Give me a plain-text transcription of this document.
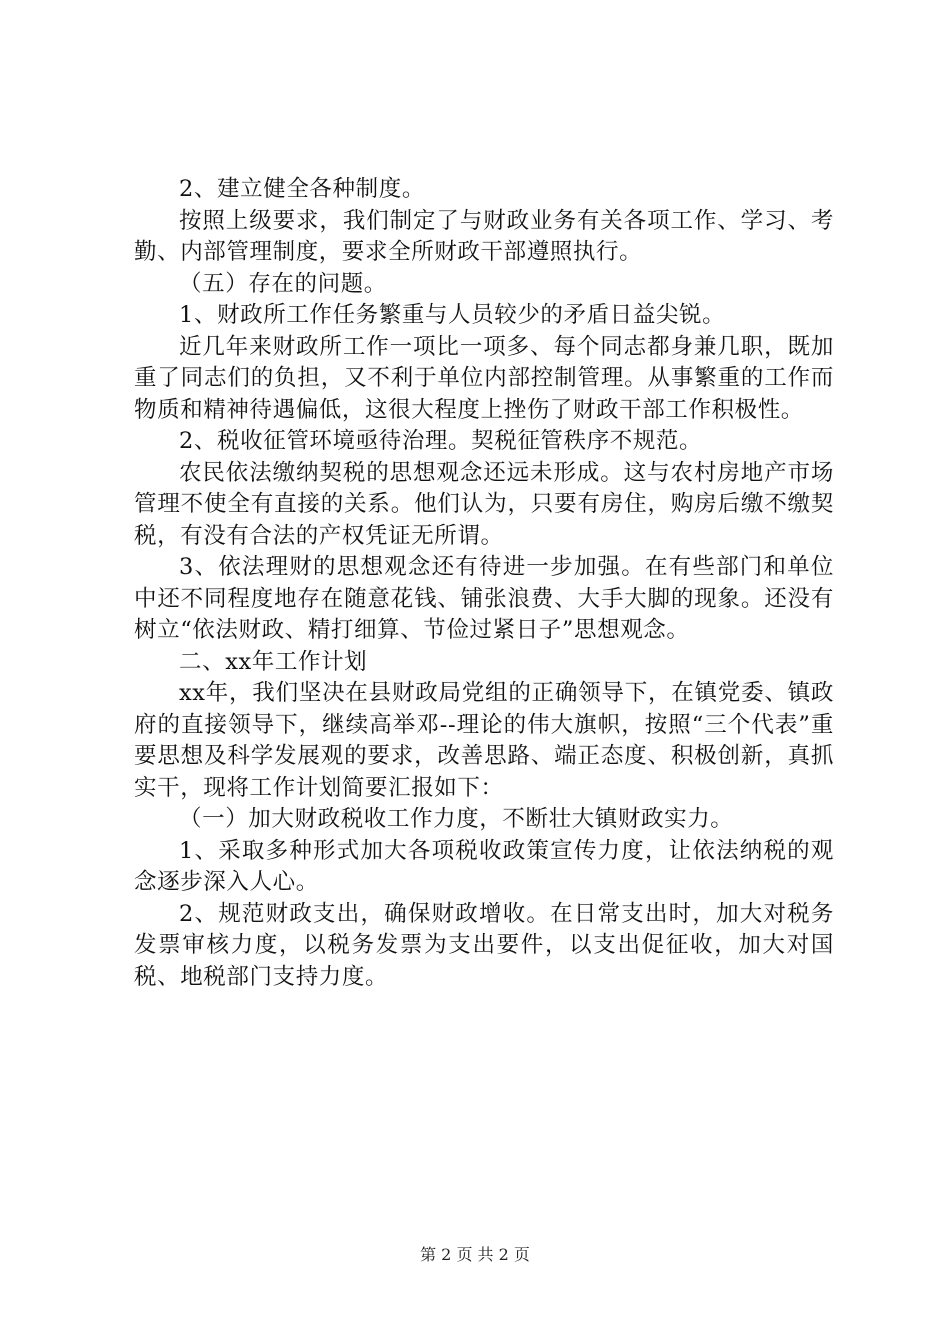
2、建立健全各种制度。

按照上级要求，我们制定了与财政业务有关各项工作、学习、考勤、内部管理制度，要求全所财政干部遵照执行。

（五）存在的问题。

1、财政所工作任务繁重与人员较少的矛盾日益尖锐。

近几年来财政所工作一项比一项多、每个同志都身兼几职，既加重了同志们的负担，又不利于单位内部控制管理。从事繁重的工作而物质和精神待遇偏低，这很大程度上挫伤了财政干部工作积极性。

2、税收征管环境亟待治理。契税征管秩序不规范。

农民依法缴纳契税的思想观念还远未形成。这与农村房地产市场管理不使全有直接的关系。他们认为，只要有房住，购房后缴不缴契税，有没有合法的产权凭证无所谓。

3、依法理财的思想观念还有待进一步加强。在有些部门和单位中还不同程度地存在随意花钱、铺张浪费、大手大脚的现象。还没有树立“依法财政、精打细算、节俭过紧日子”思想观念。

二、xx年工作计划

xx年，我们坚决在县财政局党组的正确领导下，在镇党委、镇政府的直接领导下，继续高举邓--理论的伟大旗帜，按照“三个代表”重要思想及科学发展观的要求，改善思路、端正态度、积极创新，真抓实干，现将工作计划简要汇报如下：

（一）加大财政税收工作力度，不断壮大镇财政实力。

1、采取多种形式加大各项税收政策宣传力度，让依法纳税的观念逐步深入人心。

2、规范财政支出，确保财政增收。在日常支出时，加大对税务发票审核力度，以税务发票为支出要件，以支出促征收，加大对国税、地税部门支持力度。

第 2 页 共 2 页
